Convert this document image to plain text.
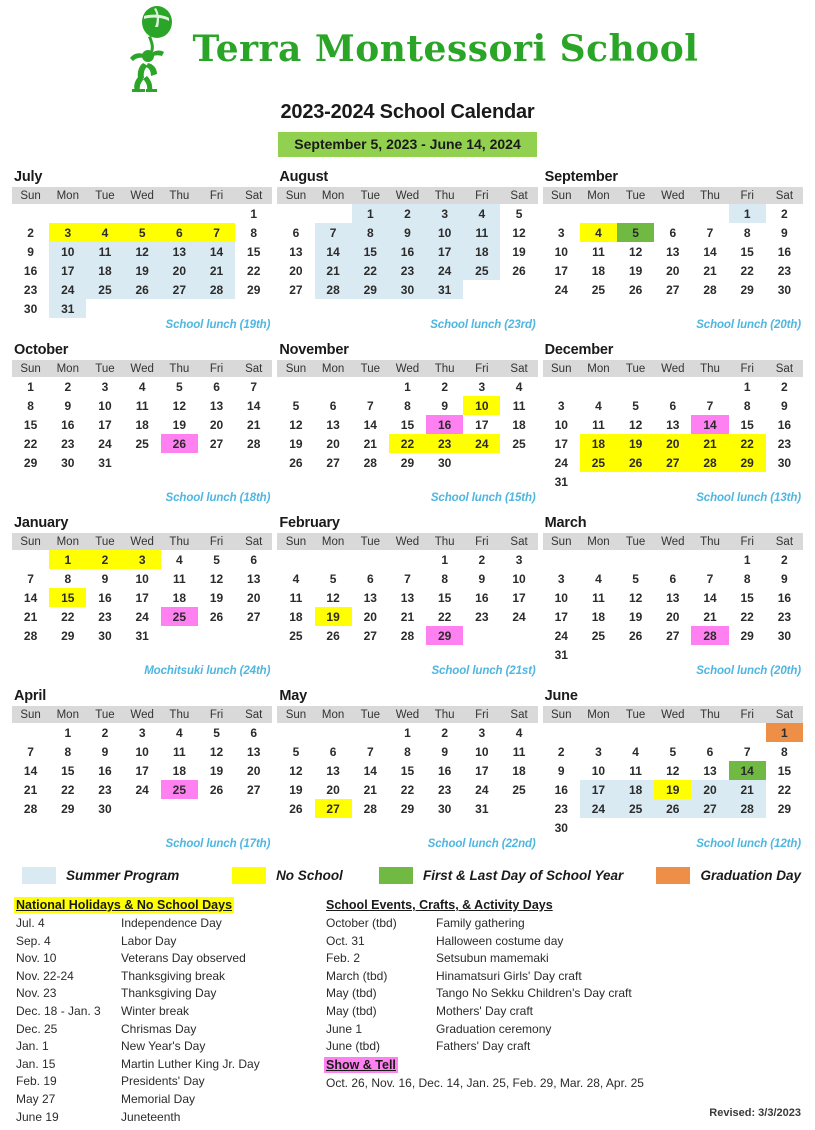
Terra Montessori School
2023-2024 School Calendar
September 5, 2023 - June 14, 2024
July
Sun	Mon	Tue	Wed	Thu	Fri	Sat
						1
2	3	4	5	6	7	8
9	10	11	12	13	14	15
16	17	18	19	20	21	22
23	24	25	26	27	28	29
30	31					
School lunch (19th)
August
Sun	Mon	Tue	Wed	Thu	Fri	Sat
		1	2	3	4	5
6	7	8	9	10	11	12
13	14	15	16	17	18	19
20	21	22	23	24	25	26
27	28	29	30	31		

School lunch (23rd)
September
Sun	Mon	Tue	Wed	Thu	Fri	Sat
					1	2
3	4	5	6	7	8	9
10	11	12	13	14	15	16
17	18	19	20	21	22	23
24	25	26	27	28	29	30

School lunch (20th)
October
Sun	Mon	Tue	Wed	Thu	Fri	Sat
1	2	3	4	5	6	7
8	9	10	11	12	13	14
15	16	17	18	19	20	21
22	23	24	25	26	27	28
29	30	31				

School lunch (18th)
November
Sun	Mon	Tue	Wed	Thu	Fri	Sat
			1	2	3	4
5	6	7	8	9	10	11
12	13	14	15	16	17	18
19	20	21	22	23	24	25
26	27	28	29	30		

School lunch (15th)
December
Sun	Mon	Tue	Wed	Thu	Fri	Sat
					1	2
3	4	5	6	7	8	9
10	11	12	13	14	15	16
17	18	19	20	21	22	23
24	25	26	27	28	29	30
31						
School lunch (13th)
January
Sun	Mon	Tue	Wed	Thu	Fri	Sat
	1	2	3	4	5	6
7	8	9	10	11	12	13
14	15	16	17	18	19	20
21	22	23	24	25	26	27
28	29	30	31			

Mochitsuki lunch (24th)
February
Sun	Mon	Tue	Wed	Thu	Fri	Sat
				1	2	3
4	5	6	7	8	9	10
11	12	13	13	15	16	17
18	19	20	21	22	23	24
25	26	27	28	29		

School lunch (21st)
March
Sun	Mon	Tue	Wed	Thu	Fri	Sat
					1	2
3	4	5	6	7	8	9
10	11	12	13	14	15	16
17	18	19	20	21	22	23
24	25	26	27	28	29	30
31						
School lunch (20th)
April
Sun	Mon	Tue	Wed	Thu	Fri	Sat
	1	2	3	4	5	6
7	8	9	10	11	12	13
14	15	16	17	18	19	20
21	22	23	24	25	26	27
28	29	30				

School lunch (17th)
May
Sun	Mon	Tue	Wed	Thu	Fri	Sat
			1	2	3	4
5	6	7	8	9	10	11
12	13	14	15	16	17	18
19	20	21	22	23	24	25
26	27	28	29	30	31	

School lunch (22nd)
June
Sun	Mon	Tue	Wed	Thu	Fri	Sat
						1
2	3	4	5	6	7	8
9	10	11	12	13	14	15
16	17	18	19	20	21	22
23	24	25	26	27	28	29
30						
School lunch (12th)
Summer Program	No School	First & Last Day of School Year	Graduation Day
National Holidays & No School Days
Jul. 4	Independence Day
Sep. 4	Labor Day
Nov. 10	Veterans Day observed
Nov. 22-24	Thanksgiving break
Nov. 23	Thanksgiving Day
Dec. 18 - Jan. 3	Winter break
Dec. 25	Chrismas Day
Jan. 1	New Year's Day
Jan. 15	Martin Luther King Jr. Day
Feb. 19	Presidents' Day
May 27	Memorial Day
June 19	Juneteenth
School Events, Crafts, & Activity Days
October (tbd)	Family gathering
Oct. 31	Halloween costume day
Feb. 2	Setsubun mamemaki
March (tbd)	Hinamatsuri Girls' Day craft
May (tbd)	Tango No Sekku Children's Day craft
May (tbd)	Mothers' Day craft
June 1	Graduation ceremony
June (tbd)	Fathers' Day craft
Show & Tell
Oct. 26, Nov. 16, Dec. 14, Jan. 25, Feb. 29, Mar. 28, Apr. 25
Revised: 3/3/2023
